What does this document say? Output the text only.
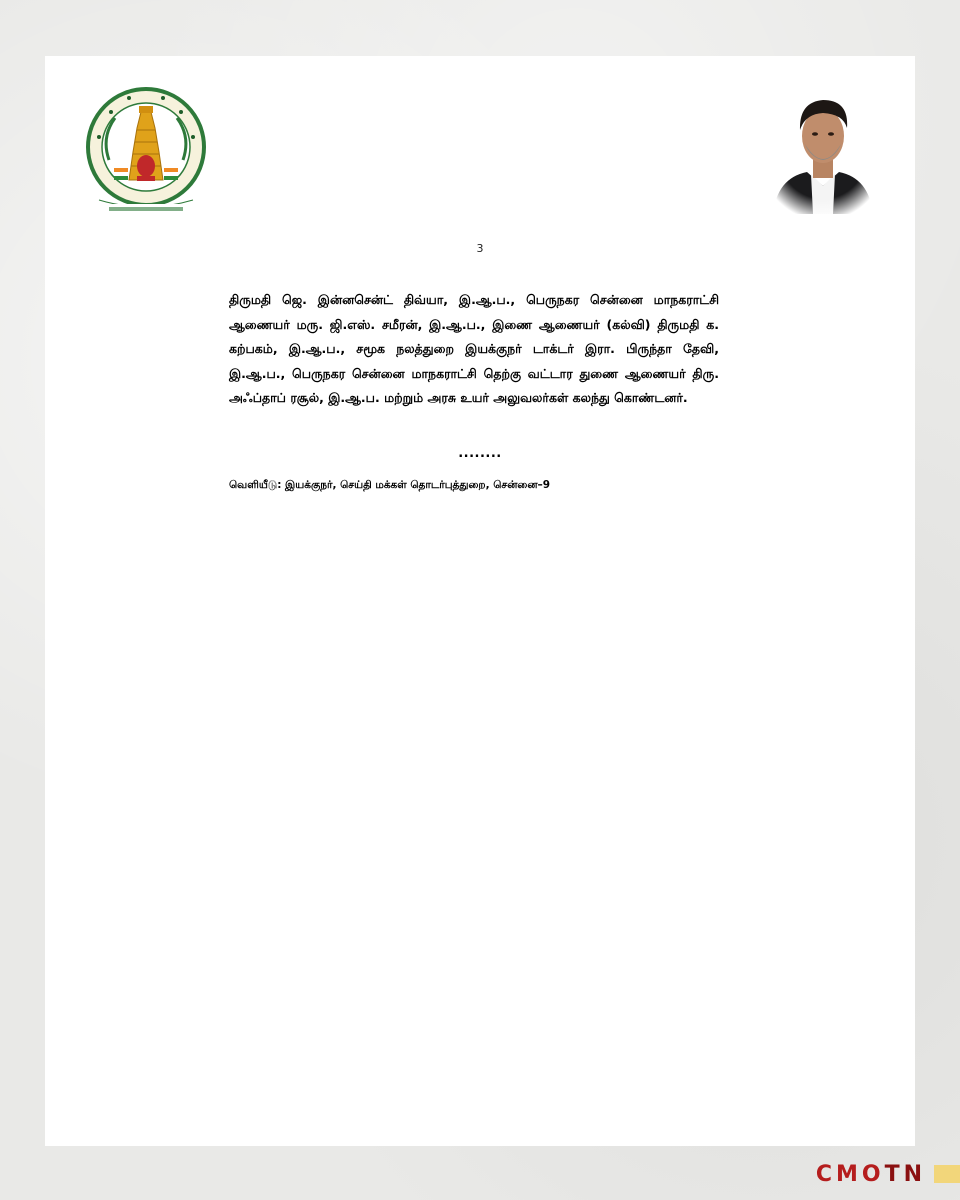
3

திருமதி ஜெ. இன்னசென்ட் திவ்யா, இ.ஆ.ப., பெருநகர சென்னை மாநகராட்சி ஆணையர் மரு. ஜி.எஸ். சமீரன், இ.ஆ.ப., இணை ஆணையர் (கல்வி) திருமதி க. கற்பகம், இ.ஆ.ப., சமூக நலத்துறை இயக்குநர் டாக்டர் இரா. பிருந்தா தேவி, இ.ஆ.ப., பெருநகர சென்னை மாநகராட்சி தெற்கு வட்டார துணை ஆணையர் திரு. அஃப்தாப் ரசூல், இ.ஆ.ப. மற்றும் அரசு உயர் அலுவலர்கள் கலந்து கொண்டனர்.

........
வெளியீடு: இயக்குநர், செய்தி மக்கள் தொடர்புத்துறை, சென்னை–9
CMOTN
